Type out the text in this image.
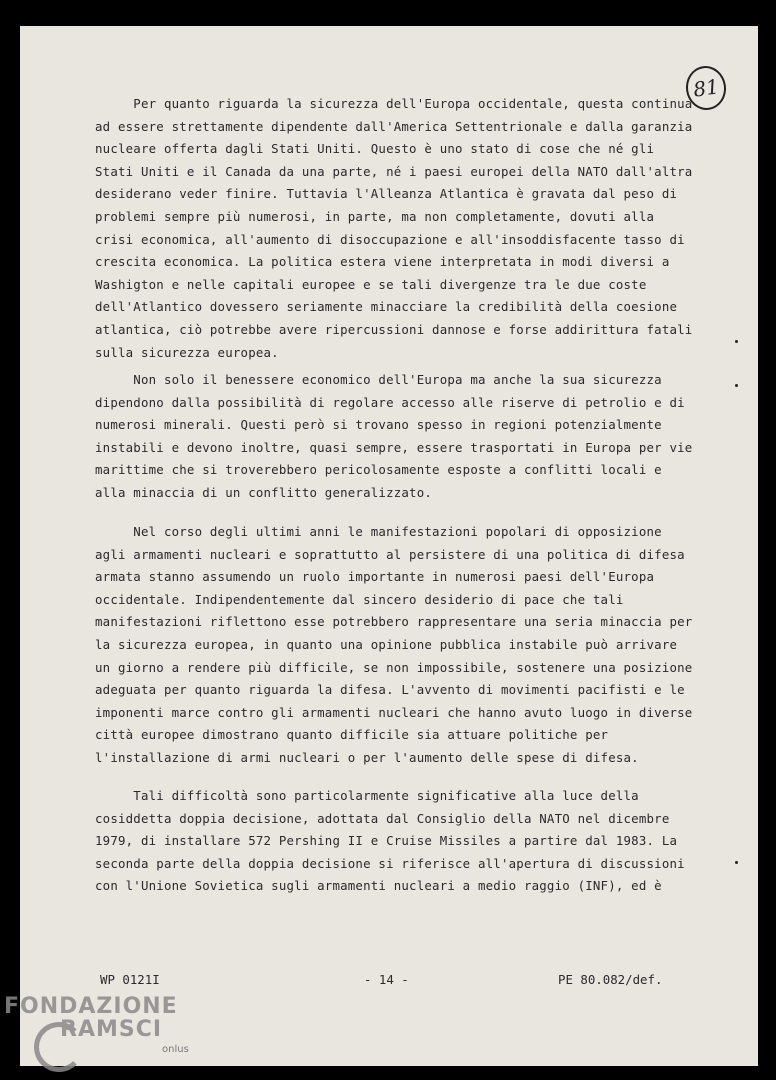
81
Per quanto riguarda la sicurezza dell'Europa occidentale, questa continua
ad essere strettamente dipendente dall'America Settentrionale e dalla garanzia
nucleare offerta dagli Stati Uniti. Questo è uno stato di cose che né gli
Stati Uniti e il Canada da una parte, né i paesi europei della NATO dall'altra
desiderano veder finire. Tuttavia l'Alleanza Atlantica è gravata dal peso di
problemi sempre più numerosi, in parte, ma non completamente, dovuti alla
crisi economica, all'aumento di disoccupazione e all'insoddisfacente tasso di
crescita economica. La politica estera viene interpretata in modi diversi a
Washigton e nelle capitali europee e se tali divergenze tra le due coste
dell'Atlantico dovessero seriamente minacciare la credibilità della coesione
atlantica, ciò potrebbe avere ripercussioni dannose e forse addirittura fatali
sulla sicurezza europea.
Non solo il benessere economico dell'Europa ma anche la sua sicurezza
dipendono dalla possibilità di regolare accesso alle riserve di petrolio e di
numerosi minerali. Questi però si trovano spesso in regioni potenzialmente
instabili e devono inoltre, quasi sempre, essere trasportati in Europa per vie
marittime che si troverebbero pericolosamente esposte a conflitti locali e
alla minaccia di un conflitto generalizzato.
Nel corso degli ultimi anni le manifestazioni popolari di opposizione
agli armamenti nucleari e soprattutto al persistere di una politica di difesa
armata stanno assumendo un ruolo importante in numerosi paesi dell'Europa
occidentale. Indipendentemente dal sincero desiderio di pace che tali
manifestazioni riflettono esse potrebbero rappresentare una seria minaccia per
la sicurezza europea, in quanto una opinione pubblica instabile può arrivare
un giorno a rendere più difficile, se non impossibile, sostenere una posizione
adeguata per quanto riguarda la difesa. L'avvento di movimenti pacifisti e le
imponenti marce contro gli armamenti nucleari che hanno avuto luogo in diverse
città europee dimostrano quanto difficile sia attuare politiche per
l'installazione di armi nucleari o per l'aumento delle spese di difesa.
Tali difficoltà sono particolarmente significative alla luce della
cosiddetta doppia decisione, adottata dal Consiglio della NATO nel dicembre
1979, di installare 572 Pershing II e Cruise Missiles a partire dal 1983. La
seconda parte della doppia decisione si riferisce all'apertura di discussioni
con l'Unione Sovietica sugli armamenti nucleari a medio raggio (INF), ed è
WP 0121I	- 14 -	PE 80.082/def.
FONDAZIONE
RAMSCI
onlus
